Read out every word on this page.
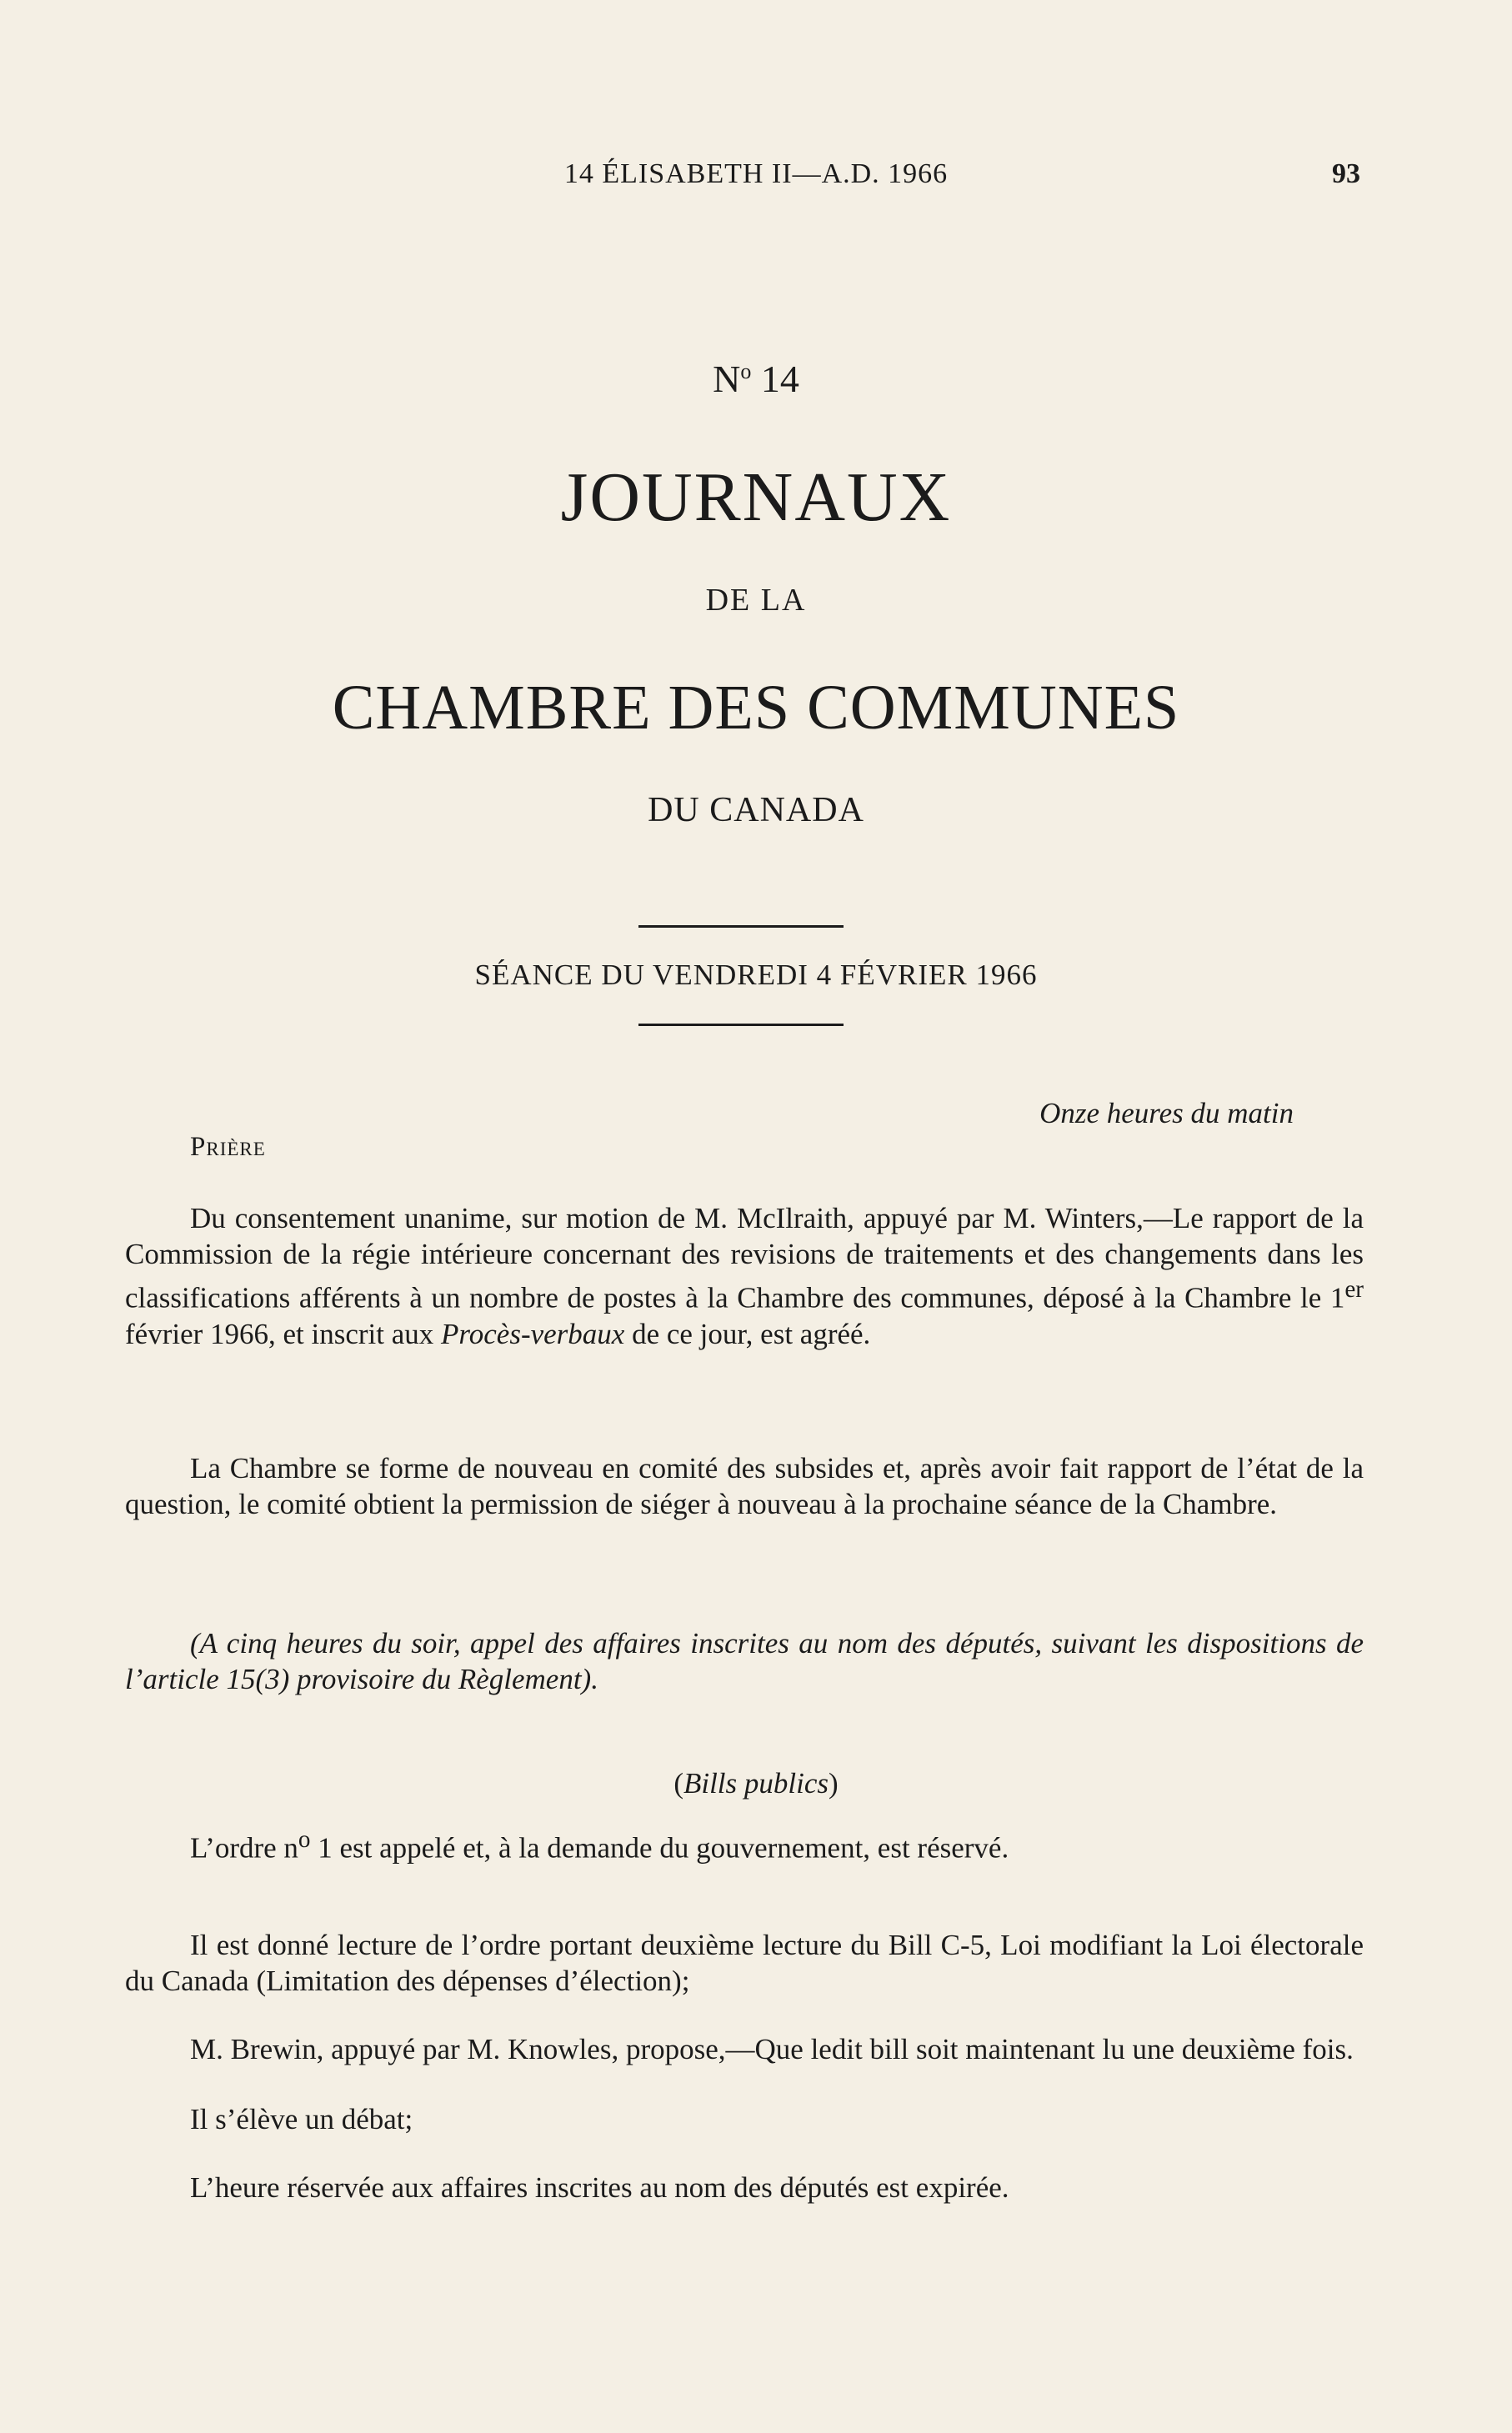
14 ÉLISABETH II—A.D. 1966	93
$N^o$ 14
JOURNAUX
DE LA
CHAMBRE DES COMMUNES
DU CANADA
SÉANCE DU VENDREDI 4 FÉVRIER 1966
Onze heures du matin
Prière

Du consentement unanime, sur motion de M. McIlraith, appuyé par M. Winters,—Le rapport de la Commission de la régie intérieure concernant des revisions de traitements et des changements dans les classifications afférents à un nombre de postes à la Chambre des communes, déposé à la Chambre le 1er février 1966, et inscrit aux Procès-verbaux de ce jour, est agréé.

La Chambre se forme de nouveau en comité des subsides et, après avoir fait rapport de l’état de la question, le comité obtient la permission de siéger à nouveau à la prochaine séance de la Chambre.

(A cinq heures du soir, appel des affaires inscrites au nom des députés, suivant les dispositions de l’article 15(3) provisoire du Règlement).

(Bills publics)

L’ordre $n^o$ 1 est appelé et, à la demande du gouvernement, est réservé.

Il est donné lecture de l’ordre portant deuxième lecture du Bill C-5, Loi modifiant la Loi électorale du Canada (Limitation des dépenses d’élection);

M. Brewin, appuyé par M. Knowles, propose,—Que ledit bill soit maintenant lu une deuxième fois.

Il s’élève un débat;

L’heure réservée aux affaires inscrites au nom des députés est expirée.
